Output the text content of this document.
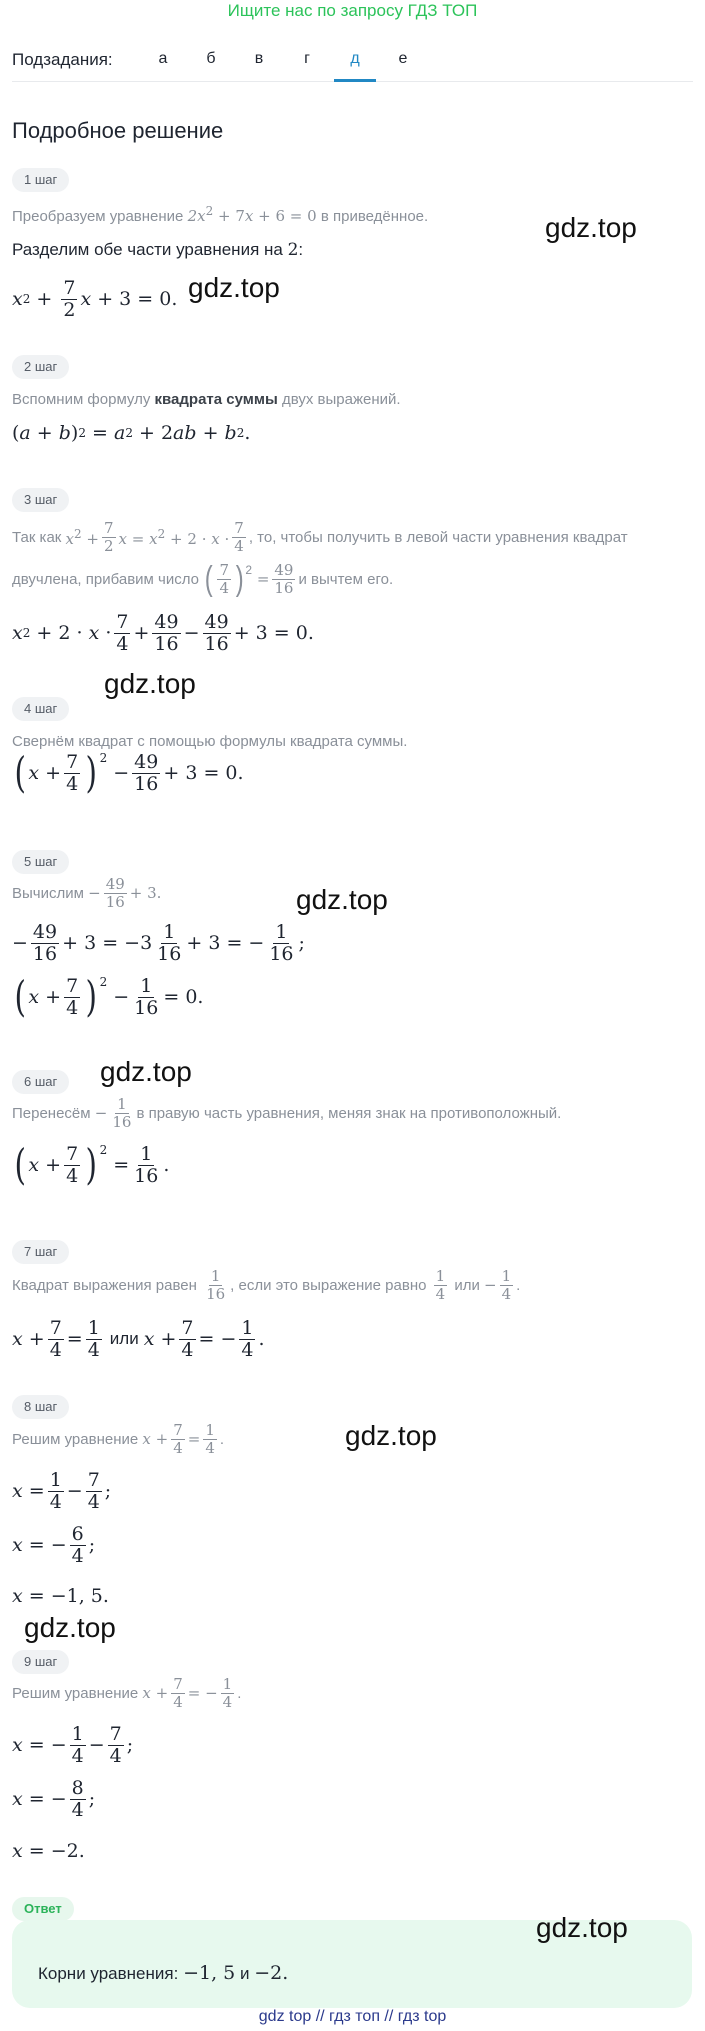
Ищите нас по запросу ГДЗ ТОП
Подзадания:	а	б	в	г	д	е
Подробное решение
1 шаг
Преобразуем уравнение $2x^2 + 7x + 6 = 0$ в приведённое.
Разделим обе части уравнения на 2:
x $2 + \frac{7}{2}$ x + 3 = 0. gdz.top
gdz.top
2 шаг
Вспомним формулу квадрата суммы двух выражений.
( a + b ) 2 = a 2 + 2 ab + b 2 .
3 шаг
Так как
$x^2 + \frac{7}{2}$ $x = x^2 + 2 \cdot x \cdot \frac{7}{4}$ , то, чтобы получить в левой части уравнения квадрат
двучлена, прибавим число
( $\frac{7}{4} )^2 = \frac{49}{16}$ и вычтем его.
x $2 + 2 \cdot x \cdot \frac{7}{4} + \frac{49}{16} - \frac{49}{16} + 3 = 0$.
gdz.top
4 шаг
Свернём квадрат с помощью формулы квадрата суммы.
( $x + \frac{7}{4} )^2$
− $\frac{49}{16} + 3 = 0$.
5 шаг
Вычислим
− $\frac{49}{16} + 3$.	gdz.top
− $\frac{49}{16} + 3 = -3 \frac{1}{16} + 3$ = − $\frac{1}{16}$ ;
( $x + \frac{7}{4} )^2$
− $\frac{1}{16} = 0$.
6 шаг	gdz.top
Перенесём
− $\frac{1}{16}$ в правую часть уравнения, меняя знак на противоположный.
( $x + \frac{7}{4} )^2$
= $\frac{1}{16}$ .
7 шаг
Квадрат выражения равен
$\frac{1}{16}$ , если это выражение равно
$\frac{1}{4}$
или
− $\frac{1}{4}$ .
$x + \frac{7}{4} = \frac{1}{4}$ или $x + \frac{7}{4}$ = − $\frac{1}{4}$ .
8 шаг
Решим уравнение
$x + \frac{7}{4} = \frac{1}{4}$ .	gdz.top
$x = \frac{1}{4} - \frac{7}{4}$ ;
x = − $\frac{6}{4}$ ;
x = −1, 5.
gdz.top
9 шаг
Решим уравнение
$x + \frac{7}{4}$ = − $\frac{1}{4}$ .
x = − $\frac{1}{4} - \frac{7}{4}$ ;
x = − $\frac{8}{4}$ ;
x = −2.
Ответ
gdz.top
Корни уравнения: −1, 5 и −2.
gdz top // гдз топ // гдз top
